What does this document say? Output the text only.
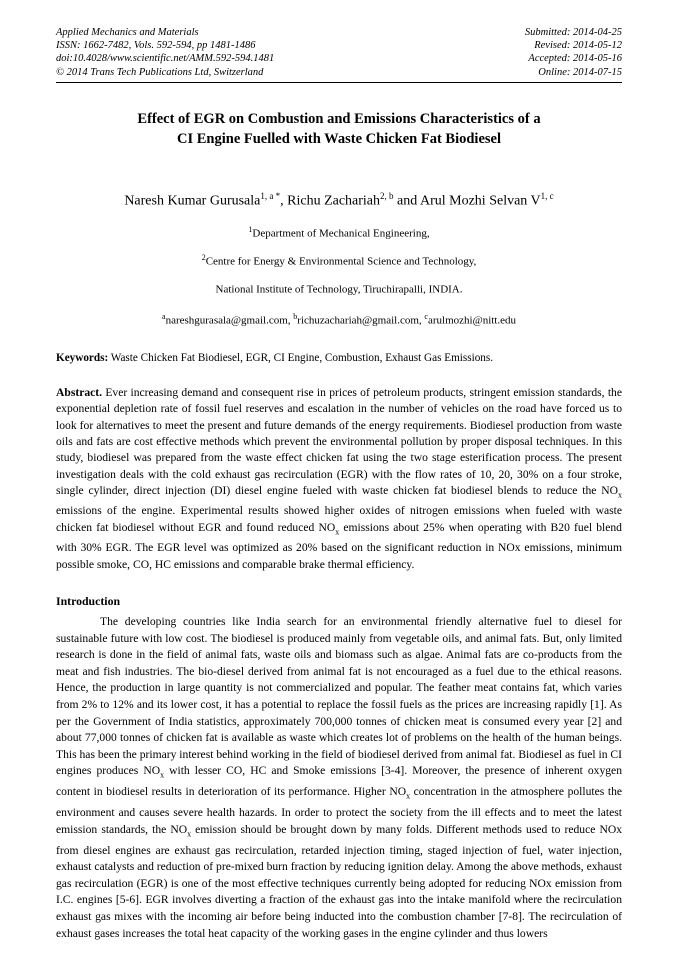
Applied Mechanics and Materials
ISSN: 1662-7482, Vols. 592-594, pp 1481-1486
doi:10.4028/www.scientific.net/AMM.592-594.1481
© 2014 Trans Tech Publications Ltd, Switzerland
Submitted: 2014-04-25
Revised: 2014-05-12
Accepted: 2014-05-16
Online: 2014-07-15
Effect of EGR on Combustion and Emissions Characteristics of a
CI Engine Fuelled with Waste Chicken Fat Biodiesel
Naresh Kumar Gurusala$^{1, a *}$, Richu Zachariah$^{2, b}$ and Arul Mozhi Selvan V$^{1, c}$
$^1$Department of Mechanical Engineering,
$^2$Centre for Energy & Environmental Science and Technology,
National Institute of Technology, Tiruchirapalli, INDIA.
$^a$nareshgurasala@gmail.com, $^b$richuzachariah@gmail.com, $^c$arulmozhi@nitt.edu
Keywords: Waste Chicken Fat Biodiesel, EGR, CI Engine, Combustion, Exhaust Gas Emissions.
Abstract. Ever increasing demand and consequent rise in prices of petroleum products, stringent emission standards, the exponential depletion rate of fossil fuel reserves and escalation in the number of vehicles on the road have forced us to look for alternatives to meet the present and future demands of the energy requirements. Biodiesel production from waste oils and fats are cost effective methods which prevent the environmental pollution by proper disposal techniques. In this study, biodiesel was prepared from the waste effect chicken fat using the two stage esterification process. The present investigation deals with the cold exhaust gas recirculation (EGR) with the flow rates of 10, 20, 30% on a four stroke, single cylinder, direct injection (DI) diesel engine fueled with waste chicken fat biodiesel blends to reduce the $NO_x$ emissions of the engine. Experimental results showed higher oxides of nitrogen emissions when fueled with waste chicken fat biodiesel without EGR and found reduced $NO_x$ emissions about 25% when operating with B20 fuel blend with 30% EGR. The EGR level was optimized as 20% based on the significant reduction in NOx emissions, minimum possible smoke, CO, HC emissions and comparable brake thermal efficiency.
Introduction
The developing countries like India search for an environmental friendly alternative fuel to diesel for sustainable future with low cost. The biodiesel is produced mainly from vegetable oils, and animal fats. But, only limited research is done in the field of animal fats, waste oils and biomass such as algae. Animal fats are co-products from the meat and fish industries. The bio-diesel derived from animal fat is not encouraged as a fuel due to the ethical reasons. Hence, the production in large quantity is not commercialized and popular. The feather meat contains fat, which varies from 2% to 12% and its lower cost, it has a potential to replace the fossil fuels as the prices are increasing rapidly [1]. As per the Government of India statistics, approximately 700,000 tonnes of chicken meat is consumed every year [2] and about 77,000 tonnes of chicken fat is available as waste which creates lot of problems on the health of the human beings. This has been the primary interest behind working in the field of biodiesel derived from animal fat. Biodiesel as fuel in CI engines produces $NO_x$ with lesser CO, HC and Smoke emissions [3-4]. Moreover, the presence of inherent oxygen content in biodiesel results in deterioration of its performance. Higher $NO_x$ concentration in the atmosphere pollutes the environment and causes severe health hazards. In order to protect the society from the ill effects and to meet the latest emission standards, the $NO_x$ emission should be brought down by many folds. Different methods used to reduce NOx from diesel engines are exhaust gas recirculation, retarded injection timing, staged injection of fuel, water injection, exhaust catalysts and reduction of pre-mixed burn fraction by reducing ignition delay. Among the above methods, exhaust gas recirculation (EGR) is one of the most effective techniques currently being adopted for reducing NOx emission from I.C. engines [5-6]. EGR involves diverting a fraction of the exhaust gas into the intake manifold where the recirculation exhaust gas mixes with the incoming air before being inducted into the combustion chamber [7-8]. The recirculation of exhaust gases increases the total heat capacity of the working gases in the engine cylinder and thus lowers
